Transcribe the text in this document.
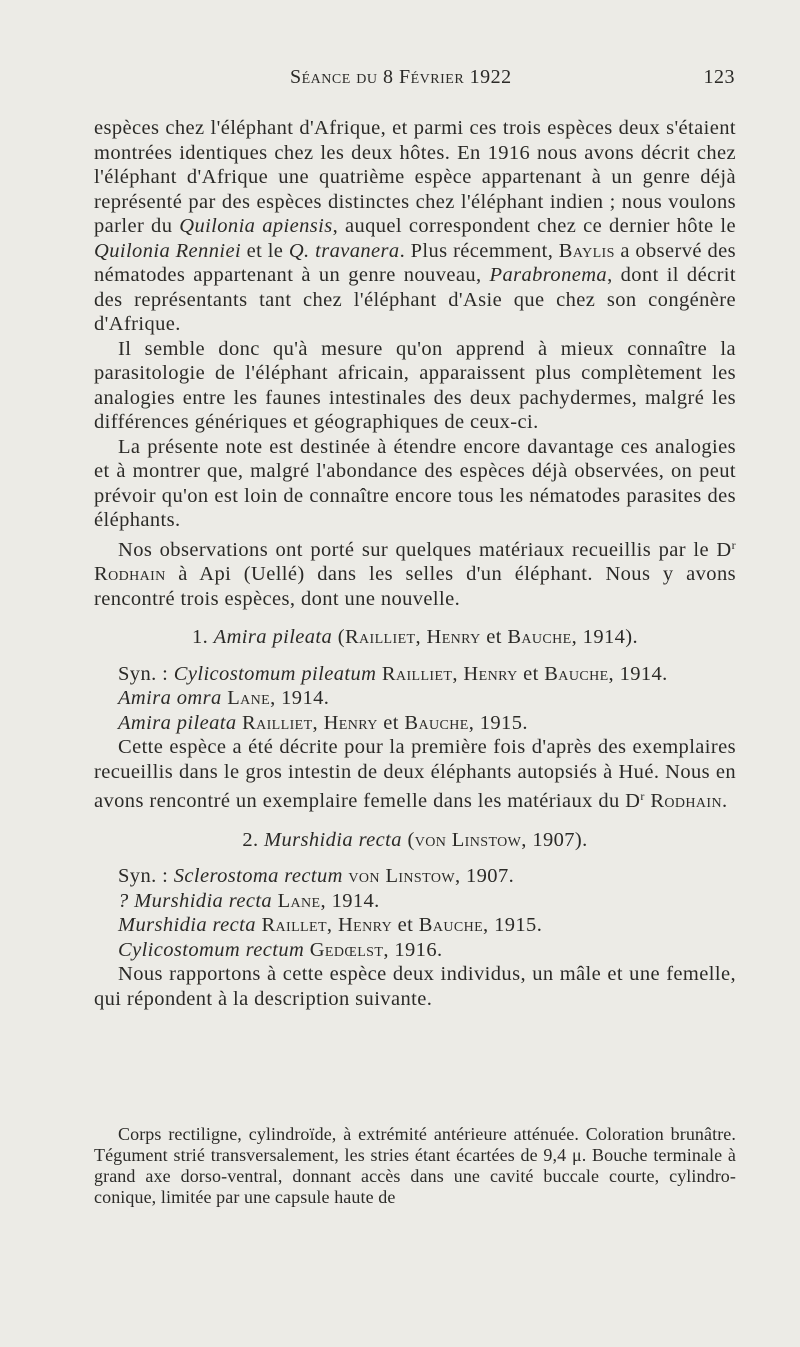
Séance du 8 Février 1922	123

espèces chez l'éléphant d'Afrique, et parmi ces trois espèces deux s'étaient montrées identiques chez les deux hôtes. En 1916 nous avons décrit chez l'éléphant d'Afrique une quatrième espèce appartenant à un genre déjà représenté par des espèces distinctes chez l'éléphant indien ; nous voulons parler du Quilonia apiensis, auquel correspondent chez ce dernier hôte le Quilonia Renniei et le Q. travanera. Plus récemment, Baylis a observé des nématodes appartenant à un genre nouveau, Parabronema, dont il décrit des représentants tant chez l'éléphant d'Asie que chez son congénère d'Afrique.

Il semble donc qu'à mesure qu'on apprend à mieux connaître la parasitologie de l'éléphant africain, apparaissent plus complètement les analogies entre les faunes intestinales des deux pachydermes, malgré les différences génériques et géographiques de ceux-ci.

La présente note est destinée à étendre encore davantage ces analogies et à montrer que, malgré l'abondance des espèces déjà observées, on peut prévoir qu'on est loin de connaître encore tous les nématodes parasites des éléphants.

Nos observations ont porté sur quelques matériaux recueillis par le $D^r$ Rodhain à Api (Uellé) dans les selles d'un éléphant. Nous y avons rencontré trois espèces, dont une nouvelle.

1. Amira pileata (Railliet, Henry et Bauche, 1914).

Syn. : Cylicostomum pileatum Railliet, Henry et Bauche, 1914.

Amira omra Lane, 1914.

Amira pileata Railliet, Henry et Bauche, 1915.

Cette espèce a été décrite pour la première fois d'après des exemplaires recueillis dans le gros intestin de deux éléphants autopsiés à Hué. Nous en avons rencontré un exemplaire femelle dans les matériaux du $D^r$ Rodhain.

2. Murshidia recta (von Linstow, 1907).

Syn. : Sclerostoma rectum von Linstow, 1907.

? Murshidia recta Lane, 1914.

Murshidia recta Raillet, Henry et Bauche, 1915.

Cylicostomum rectum Gedœlst, 1916.

Nous rapportons à cette espèce deux individus, un mâle et une femelle, qui répondent à la description suivante.

Corps rectiligne, cylindroïde, à extrémité antérieure atténuée. Coloration brunâtre. Tégument strié transversalement, les stries étant écartées de 9,4 μ. Bouche terminale à grand axe dorso-ventral, donnant accès dans une cavité buccale courte, cylindro-conique, limitée par une capsule haute de
